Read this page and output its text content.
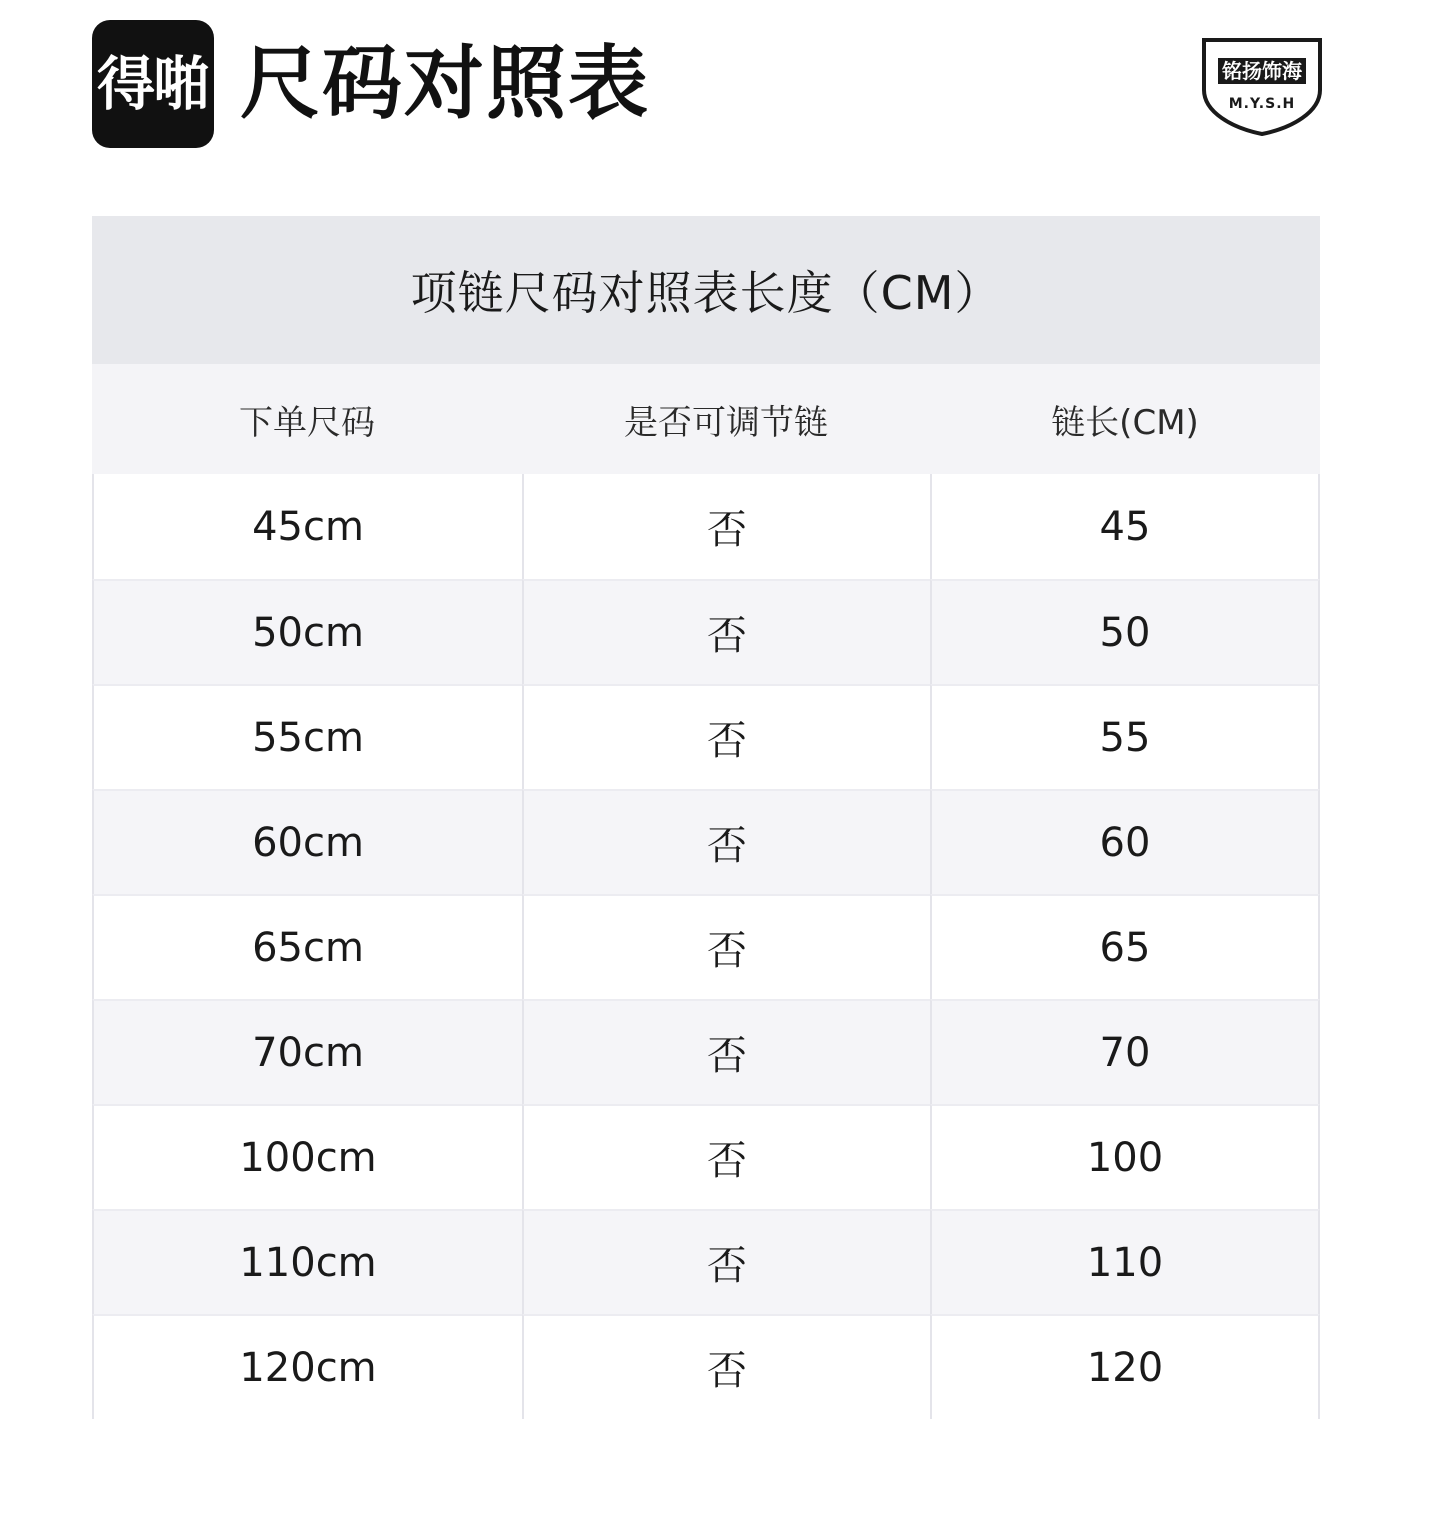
得啪 尺码对照表	铭扬饰海
M.Y.S.H
项链尺码对照表长度（CM）
下单尺码	是否可调节链	链长(CM)
45cm	否	45
50cm	否	50
55cm	否	55
60cm	否	60
65cm	否	65
70cm	否	70
100cm	否	100
110cm	否	110
120cm	否	120
